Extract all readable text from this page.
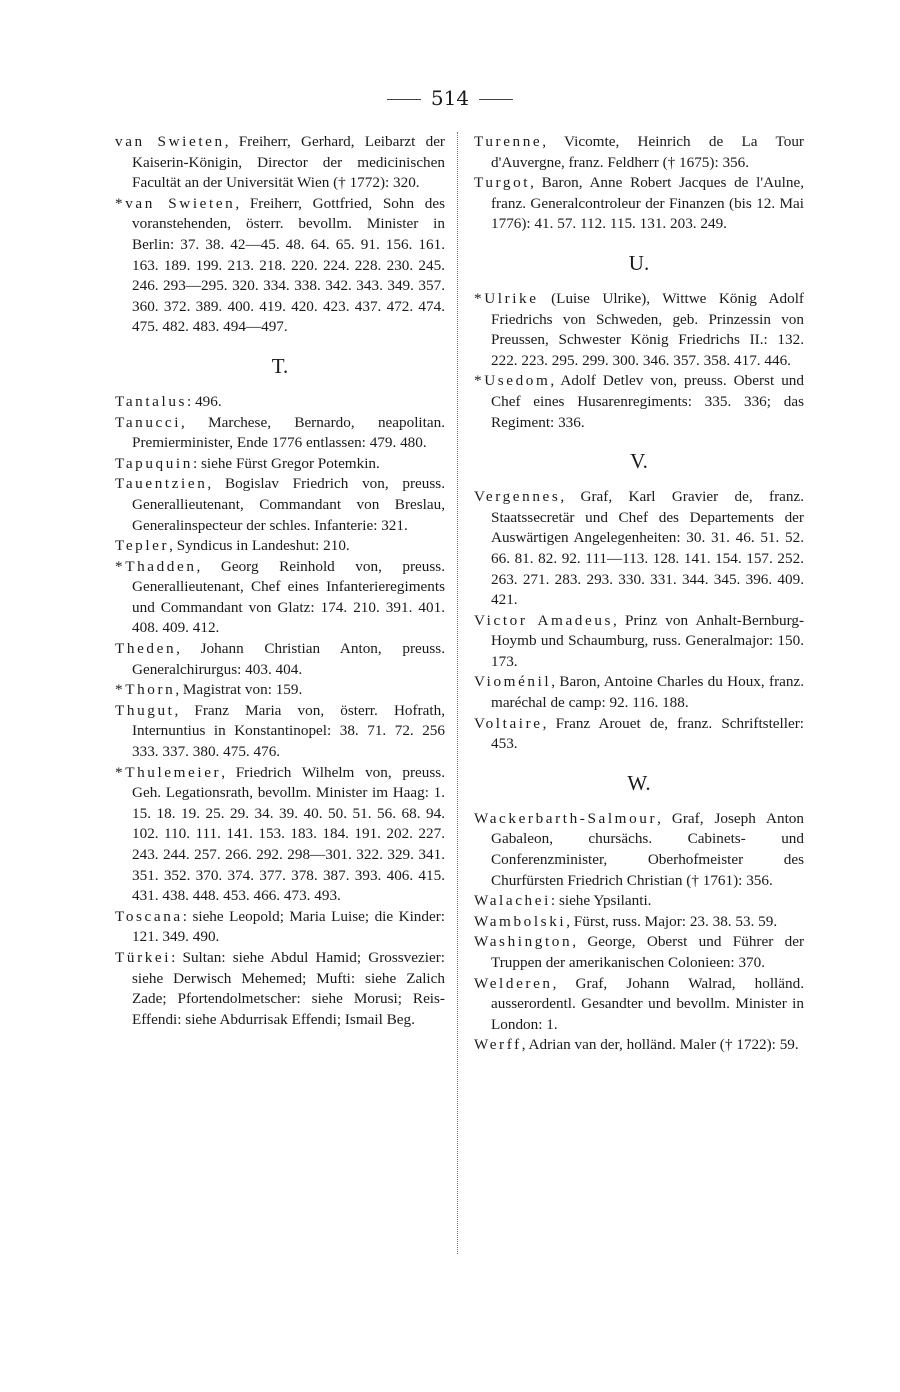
514

van Swieten, Freiherr, Gerhard, Leibarzt der Kaiserin-Königin, Director der medicinischen Facultät an der Universität Wien († 1772): 320.

*van Swieten, Freiherr, Gottfried, Sohn des voranstehenden, österr. bevollm. Minister in Berlin: 37. 38. 42—45. 48. 64. 65. 91. 156. 161. 163. 189. 199. 213. 218. 220. 224. 228. 230. 245. 246. 293—295. 320. 334. 338. 342. 343. 349. 357. 360. 372. 389. 400. 419. 420. 423. 437. 472. 474. 475. 482. 483. 494—497.

T.

Tantalus: 496.

Tanucci, Marchese, Bernardo, neapolitan. Premierminister, Ende 1776 entlassen: 479. 480.

Tapuquin: siehe Fürst Gregor Potemkin.

Tauentzien, Bogislav Friedrich von, preuss. Generallieutenant, Commandant von Breslau, Generalinspecteur der schles. Infanterie: 321.

Tepler, Syndicus in Landeshut: 210.

*Thadden, Georg Reinhold von, preuss. Generallieutenant, Chef eines Infanterieregiments und Commandant von Glatz: 174. 210. 391. 401. 408. 409. 412.

Theden, Johann Christian Anton, preuss. Generalchirurgus: 403. 404.

*Thorn, Magistrat von: 159.

Thugut, Franz Maria von, österr. Hofrath, Internuntius in Konstantinopel: 38. 71. 72. 256 333. 337. 380. 475. 476.

*Thulemeier, Friedrich Wilhelm von, preuss. Geh. Legationsrath, bevollm. Minister im Haag: 1. 15. 18. 19. 25. 29. 34. 39. 40. 50. 51. 56. 68. 94. 102. 110. 111. 141. 153. 183. 184. 191. 202. 227. 243. 244. 257. 266. 292. 298—301. 322. 329. 341. 351. 352. 370. 374. 377. 378. 387. 393. 406. 415. 431. 438. 448. 453. 466. 473. 493.

Toscana: siehe Leopold; Maria Luise; die Kinder: 121. 349. 490.

Türkei: Sultan: siehe Abdul Hamid; Grossvezier: siehe Derwisch Mehemed; Mufti: siehe Zalich Zade; Pfortendolmetscher: siehe Morusi; Reis-Effendi: siehe Abdurrisak Effendi; Ismail Beg.

Turenne, Vicomte, Heinrich de La Tour d'Auvergne, franz. Feldherr († 1675): 356.

Turgot, Baron, Anne Robert Jacques de l'Aulne, franz. Generalcontroleur der Finanzen (bis 12. Mai 1776): 41. 57. 112. 115. 131. 203. 249.

U.

*Ulrike (Luise Ulrike), Wittwe König Adolf Friedrichs von Schweden, geb. Prinzessin von Preussen, Schwester König Friedrichs II.: 132. 222. 223. 295. 299. 300. 346. 357. 358. 417. 446.

*Usedom, Adolf Detlev von, preuss. Oberst und Chef eines Husarenregiments: 335. 336; das Regiment: 336.

V.

Vergennes, Graf, Karl Gravier de, franz. Staatssecretär und Chef des Departements der Auswärtigen Angelegenheiten: 30. 31. 46. 51. 52. 66. 81. 82. 92. 111—113. 128. 141. 154. 157. 252. 263. 271. 283. 293. 330. 331. 344. 345. 396. 409. 421.

Victor Amadeus, Prinz von Anhalt-Bernburg-Hoymb und Schaumburg, russ. Generalmajor: 150. 173.

Vioménil, Baron, Antoine Charles du Houx, franz. maréchal de camp: 92. 116. 188.

Voltaire, Franz Arouet de, franz. Schriftsteller: 453.

W.

Wackerbarth-Salmour, Graf, Joseph Anton Gabaleon, chursächs. Cabinets- und Conferenzminister, Oberhofmeister des Churfürsten Friedrich Christian († 1761): 356.

Walachei: siehe Ypsilanti.

Wambolski, Fürst, russ. Major: 23. 38. 53. 59.

Washington, George, Oberst und Führer der Truppen der amerikanischen Colonieen: 370.

Welderen, Graf, Johann Walrad, holländ. ausserordentl. Gesandter und bevollm. Minister in London: 1.

Werff, Adrian van der, holländ. Maler († 1722): 59.
